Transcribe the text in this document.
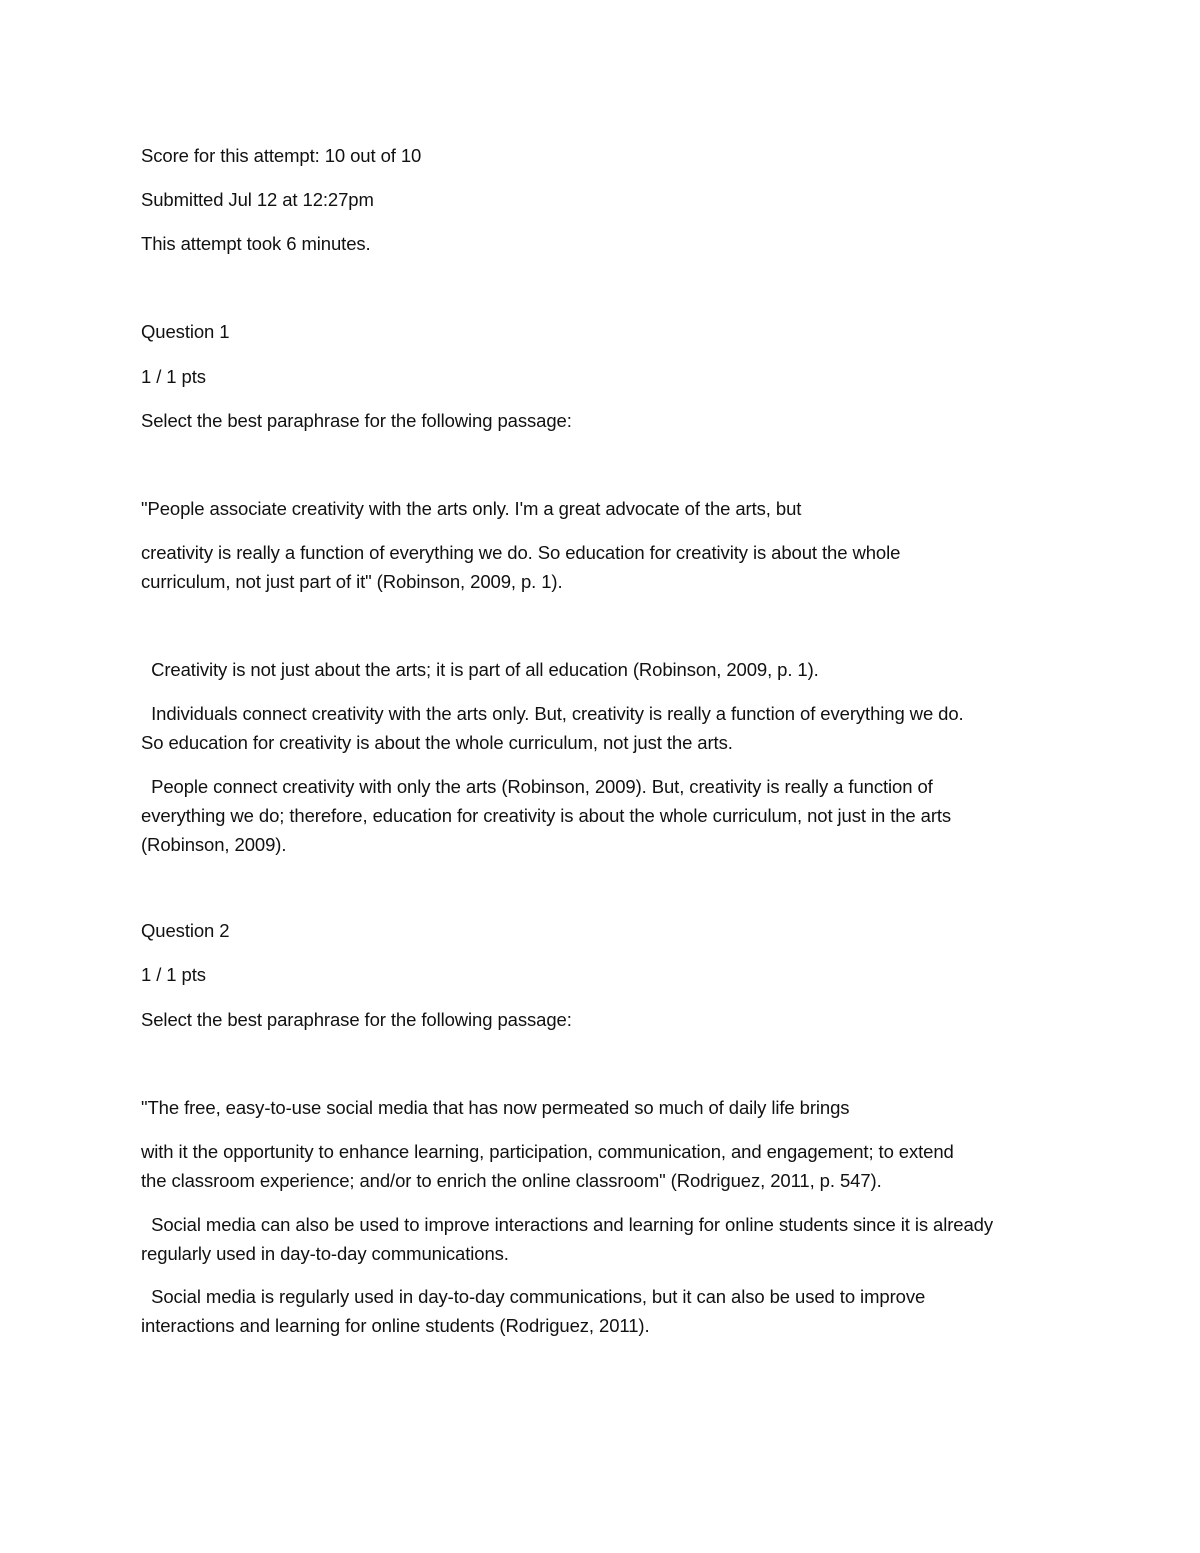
Score for this attempt: 10 out of 10
Submitted Jul 12 at 12:27pm
This attempt took 6 minutes.
Question 1
1 / 1 pts
Select the best paraphrase for the following passage:
"People associate creativity with the arts only. I'm a great advocate of the arts, but
creativity is really a function of everything we do. So education for creativity is about the whole
curriculum, not just part of it" (Robinson, 2009, p. 1).
Creativity is not just about the arts; it is part of all education (Robinson, 2009, p. 1).
Individuals connect creativity with the arts only. But, creativity is really a function of everything we do.
So education for creativity is about the whole curriculum, not just the arts.
People connect creativity with only the arts (Robinson, 2009). But, creativity is really a function of
everything we do; therefore, education for creativity is about the whole curriculum, not just in the arts
(Robinson, 2009).
Question 2
1 / 1 pts
Select the best paraphrase for the following passage:
"The free, easy-to-use social media that has now permeated so much of daily life brings
with it the opportunity to enhance learning, participation, communication, and engagement; to extend
the classroom experience; and/or to enrich the online classroom" (Rodriguez, 2011, p. 547).
Social media can also be used to improve interactions and learning for online students since it is already
regularly used in day-to-day communications.
Social media is regularly used in day-to-day communications, but it can also be used to improve
interactions and learning for online students (Rodriguez, 2011).
